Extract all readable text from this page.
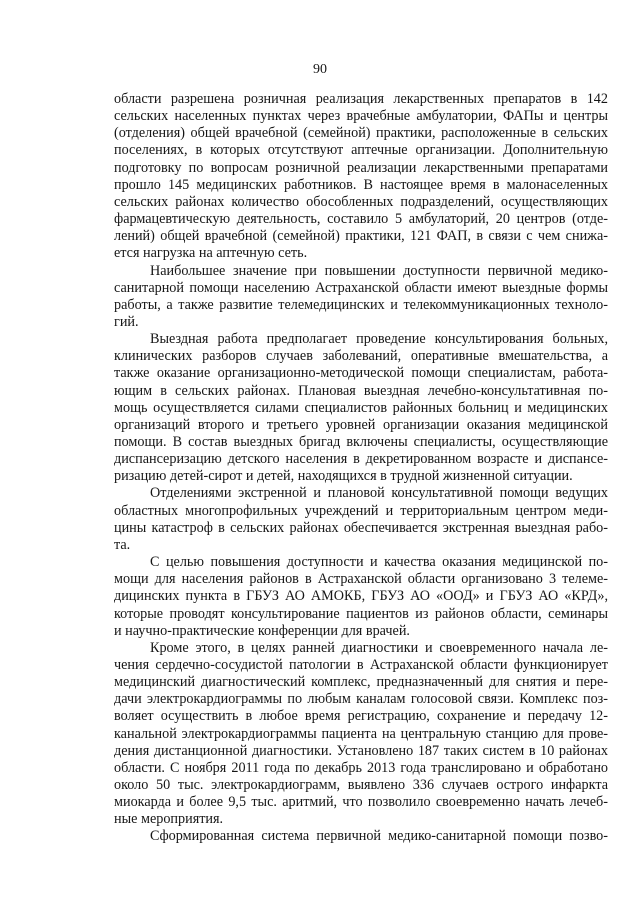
90
области разрешена розничная реализация лекарственных препаратов в 142
сельских населенных пунктах через врачебные амбулатории, ФАПы и центры
(отделения) общей врачебной (семейной) практики, расположенные в сельских
поселениях, в которых отсутствуют аптечные организации. Дополнительную
подготовку по вопросам розничной реализации лекарственными препаратами
прошло 145 медицинских работников. В настоящее время в малонаселенных
сельских районах количество обособленных подразделений, осуществляющих
фармацевтическую деятельность, составило 5 амбулаторий, 20 центров (отде-
лений) общей врачебной (семейной) практики, 121 ФАП, в связи с чем снижа-
ется нагрузка на аптечную сеть.
Наибольшее значение при повышении доступности первичной медико-
санитарной помощи населению Астраханской области имеют выездные формы
работы, а также развитие телемедицинских и телекоммуникационных техноло-
гий.
Выездная работа предполагает проведение консультирования больных,
клинических разборов случаев заболеваний, оперативные вмешательства, а
также оказание организационно-методической помощи специалистам, работа-
ющим в сельских районах. Плановая выездная лечебно-консультативная по-
мощь осуществляется силами специалистов районных больниц и медицинских
организаций второго и третьего уровней организации оказания медицинской
помощи. В состав выездных бригад включены специалисты, осуществляющие
диспансеризацию детского населения в декретированном возрасте и диспансе-
ризацию детей-сирот и детей, находящихся в трудной жизненной ситуации.
Отделениями экстренной и плановой консультативной помощи ведущих
областных многопрофильных учреждений и территориальным центром меди-
цины катастроф в сельских районах обеспечивается экстренная выездная рабо-
та.
С целью повышения доступности и качества оказания медицинской по-
мощи для населения районов в Астраханской области организовано 3 телеме-
дицинских пункта в ГБУЗ АО АМОКБ, ГБУЗ АО «ООД» и ГБУЗ АО «КРД»,
которые проводят консультирование пациентов из районов области, семинары
и научно-практические конференции для врачей.
Кроме этого, в целях ранней диагностики и своевременного начала ле-
чения сердечно-сосудистой патологии в Астраханской области функционирует
медицинский диагностический комплекс, предназначенный для снятия и пере-
дачи электрокардиограммы по любым каналам голосовой связи. Комплекс поз-
воляет осуществить в любое время регистрацию, сохранение и передачу 12-
канальной электрокардиограммы пациента на центральную станцию для прове-
дения дистанционной диагностики. Установлено 187 таких систем в 10 районах
области. С ноября 2011 года по декабрь 2013 года транслировано и обработано
около 50 тыс. электрокардиограмм, выявлено 336 случаев острого инфаркта
миокарда и более 9,5 тыс. аритмий, что позволило своевременно начать лечеб-
ные мероприятия.
Сформированная система первичной медико-санитарной помощи позво-
